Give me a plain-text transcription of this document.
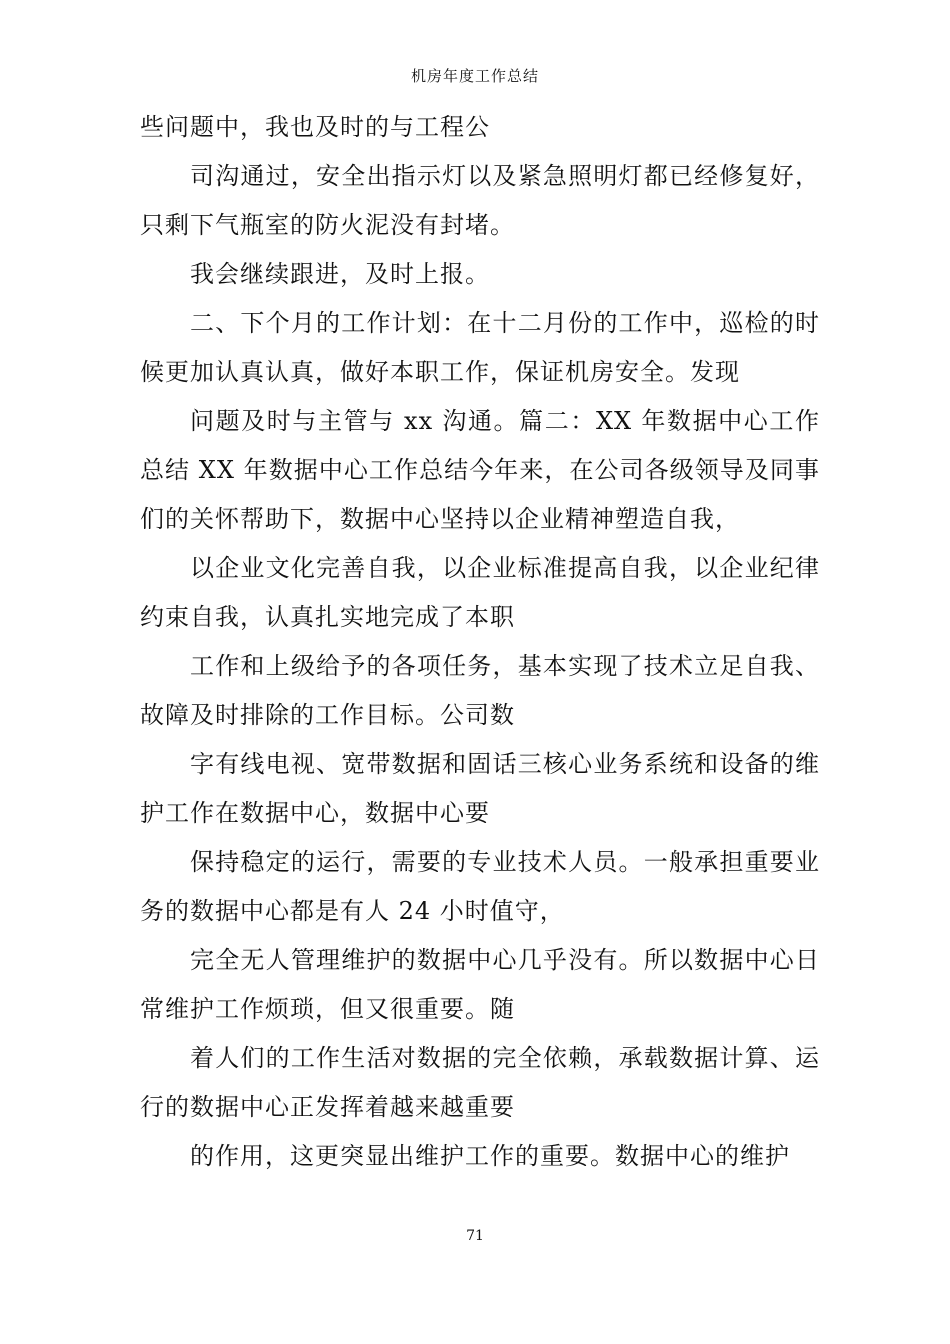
机房年度工作总结

些问题中，我也及时的与工程公

司沟通过，安全出指示灯以及紧急照明灯都已经修复好，只剩下气瓶室的防火泥没有封堵。

我会继续跟进，及时上报。

二、下个月的工作计划：在十二月份的工作中，巡检的时候更加认真认真，做好本职工作，保证机房安全。发现

问题及时与主管与 xx 沟通。篇二：XX 年数据中心工作总结 XX 年数据中心工作总结今年来，在公司各级领导及同事们的关怀帮助下，数据中心坚持以企业精神塑造自我，

以企业文化完善自我，以企业标准提高自我，以企业纪律约束自我，认真扎实地完成了本职

工作和上级给予的各项任务，基本实现了技术立足自我、故障及时排除的工作目标。公司数

字有线电视、宽带数据和固话三核心业务系统和设备的维护工作在数据中心，数据中心要

保持稳定的运行，需要的专业技术人员。一般承担重要业务的数据中心都是有人 24 小时值守，

完全无人管理维护的数据中心几乎没有。所以数据中心日常维护工作烦琐，但又很重要。随

着人们的工作生活对数据的完全依赖，承载数据计算、运行的数据中心正发挥着越来越重要

的作用，这更突显出维护工作的重要。数据中心的维护

71
